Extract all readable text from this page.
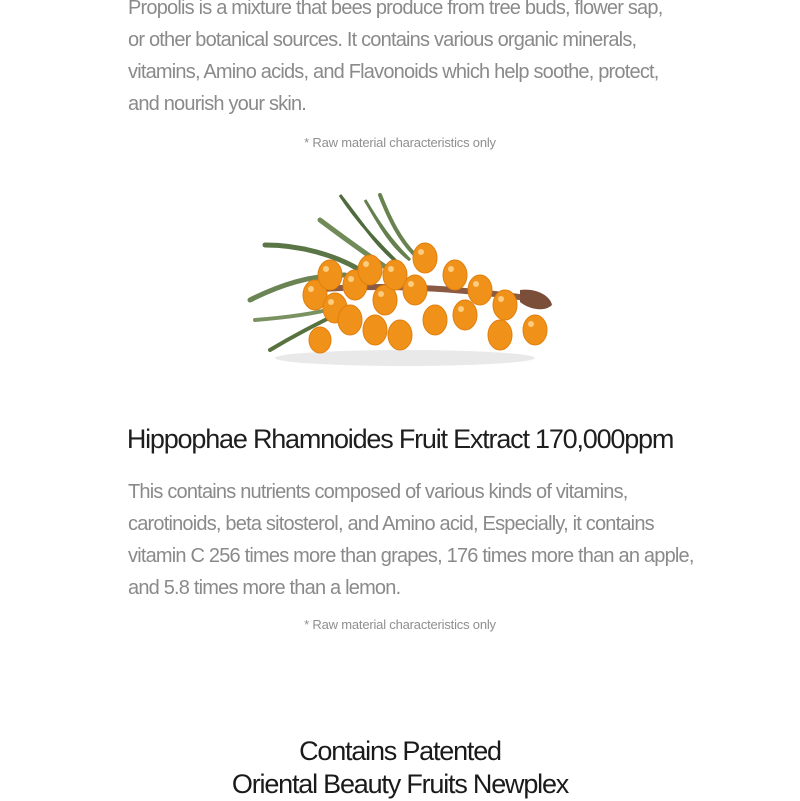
Propolis is a mixture that bees produce from tree buds, flower sap,
or other botanical sources. It contains various organic minerals,
vitamins, Amino acids, and Flavonoids which help soothe, protect,
and nourish your skin.

* Raw material characteristics only

Hippophae Rhamnoides Fruit Extract 170,000ppm

This contains nutrients composed of various kinds of vitamins,
carotinoids, beta sitosterol, and Amino acid, Especially, it contains
vitamin C 256 times more than grapes, 176 times more than an apple,
and 5.8 times more than a lemon.

* Raw material characteristics only

Contains Patented
Oriental Beauty Fruits Newplex
